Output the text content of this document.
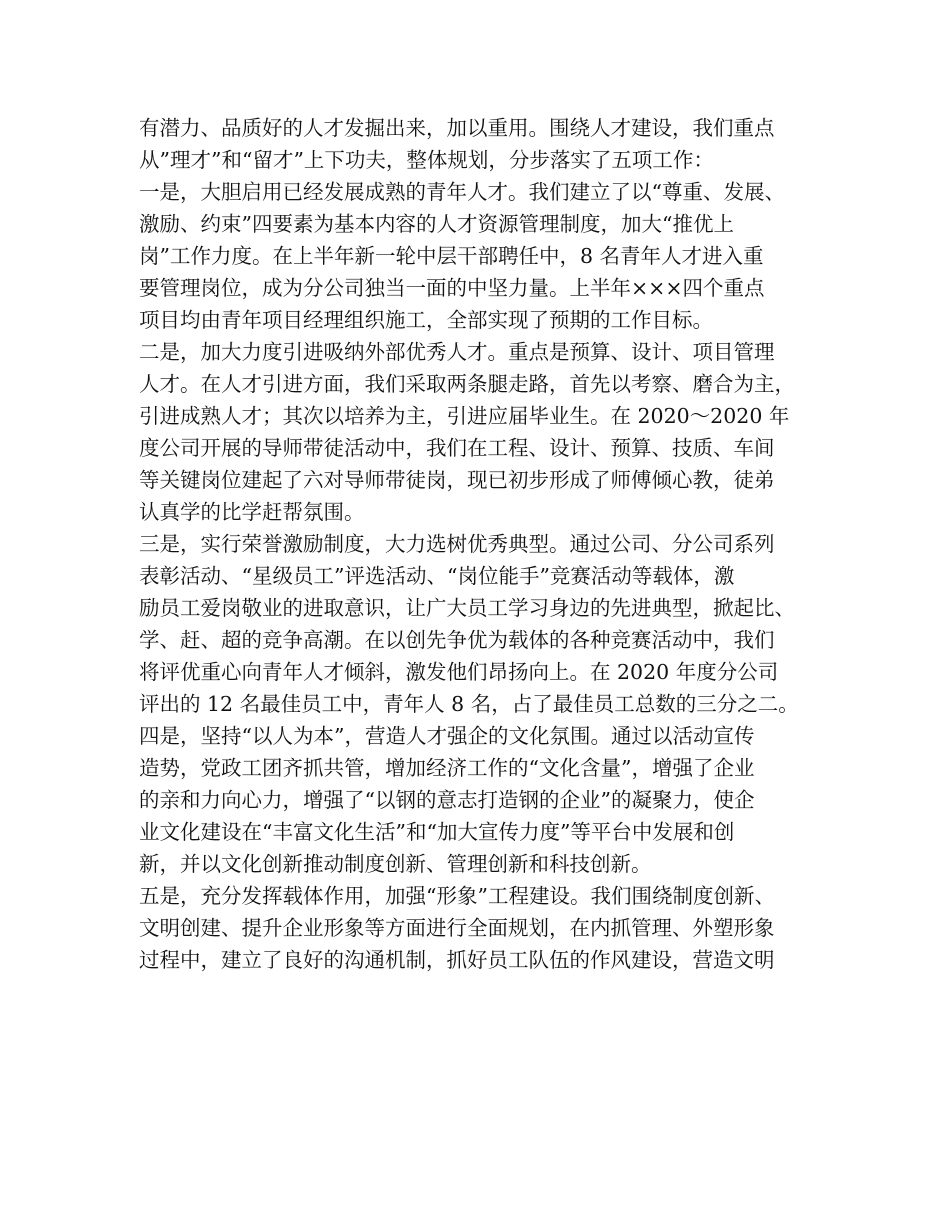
有潜力、品质好的人才发掘出来，加以重用。围绕人才建设，我们重点
从”理才”和“留才”上下功夫，整体规划，分步落实了五项工作：
一是，大胆启用已经发展成熟的青年人才。我们建立了以“尊重、发展、
激励、约束”四要素为基本内容的人才资源管理制度，加大“推优上
岗”工作力度。在上半年新一轮中层干部聘任中，8 名青年人才进入重
要管理岗位，成为分公司独当一面的中坚力量。上半年×××四个重点
项目均由青年项目经理组织施工，全部实现了预期的工作目标。
二是，加大力度引进吸纳外部优秀人才。重点是预算、设计、项目管理
人才。在人才引进方面，我们采取两条腿走路，首先以考察、磨合为主，
引进成熟人才；其次以培养为主，引进应届毕业生。在 2020～2020 年
度公司开展的导师带徒活动中，我们在工程、设计、预算、技质、车间
等关键岗位建起了六对导师带徒岗，现已初步形成了师傅倾心教，徒弟
认真学的比学赶帮氛围。
三是，实行荣誉激励制度，大力选树优秀典型。通过公司、分公司系列
表彰活动、“星级员工”评选活动、“岗位能手”竞赛活动等载体，激
励员工爱岗敬业的进取意识，让广大员工学习身边的先进典型，掀起比、
学、赶、超的竞争高潮。在以创先争优为载体的各种竞赛活动中，我们
将评优重心向青年人才倾斜，激发他们昂扬向上。在 2020 年度分公司
评出的 12 名最佳员工中，青年人 8 名，占了最佳员工总数的三分之二。
四是，坚持“以人为本”，营造人才强企的文化氛围。通过以活动宣传
造势，党政工团齐抓共管，增加经济工作的“文化含量”，增强了企业
的亲和力向心力，增强了“以钢的意志打造钢的企业”的凝聚力，使企
业文化建设在“丰富文化生活”和“加大宣传力度”等平台中发展和创
新，并以文化创新推动制度创新、管理创新和科技创新。
五是，充分发挥载体作用，加强“形象”工程建设。我们围绕制度创新、
文明创建、提升企业形象等方面进行全面规划，在内抓管理、外塑形象
过程中，建立了良好的沟通机制，抓好员工队伍的作风建设，营造文明
